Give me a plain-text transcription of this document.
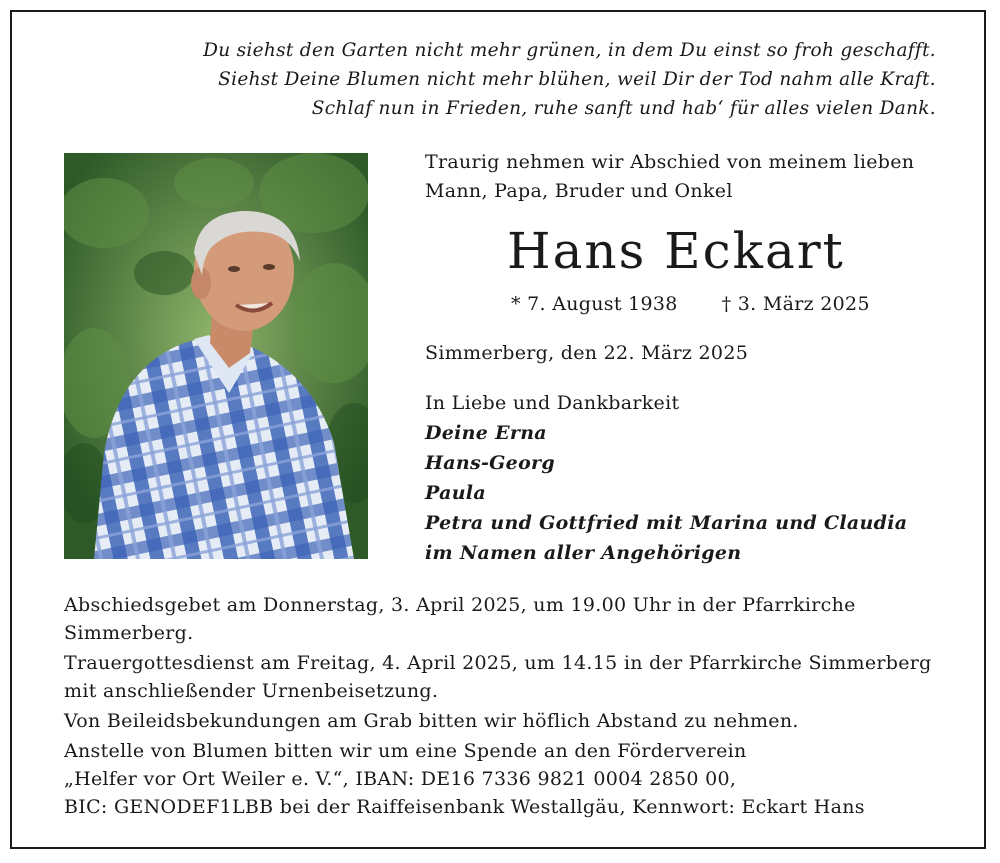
Du siehst den Garten nicht mehr grünen, in dem Du einst so froh geschafft.
Siehst Deine Blumen nicht mehr blühen, weil Dir der Tod nahm alle Kraft.
Schlaf nun in Frieden, ruhe sanft und hab‘ für alles vielen Dank.
Traurig nehmen wir Abschied von meinem lieben
Mann, Papa, Bruder und Onkel
Hans Eckart
* 7. August 1938 † 3. März 2025
Simmerberg, den 22. März 2025
In Liebe und Dankbarkeit
Deine Erna
Hans-Georg
Paula
Petra und Gottfried mit Marina und Claudia
im Namen aller Angehörigen

Abschiedsgebet am Donnerstag, 3. April 2025, um 19.00 Uhr in der Pfarrkirche
Simmerberg.

Trauergottesdienst am Freitag, 4. April 2025, um 14.15 in der Pfarrkirche Simmerberg
mit anschließender Urnenbeisetzung.

Von Beileidsbekundungen am Grab bitten wir höflich Abstand zu nehmen.

Anstelle von Blumen bitten wir um eine Spende an den Förderverein
„Helfer vor Ort Weiler e. V.“, IBAN: DE16 7336 9821 0004 2850 00,
BIC: GENODEF1LBB bei der Raiffeisenbank Westallgäu, Kennwort: Eckart Hans
